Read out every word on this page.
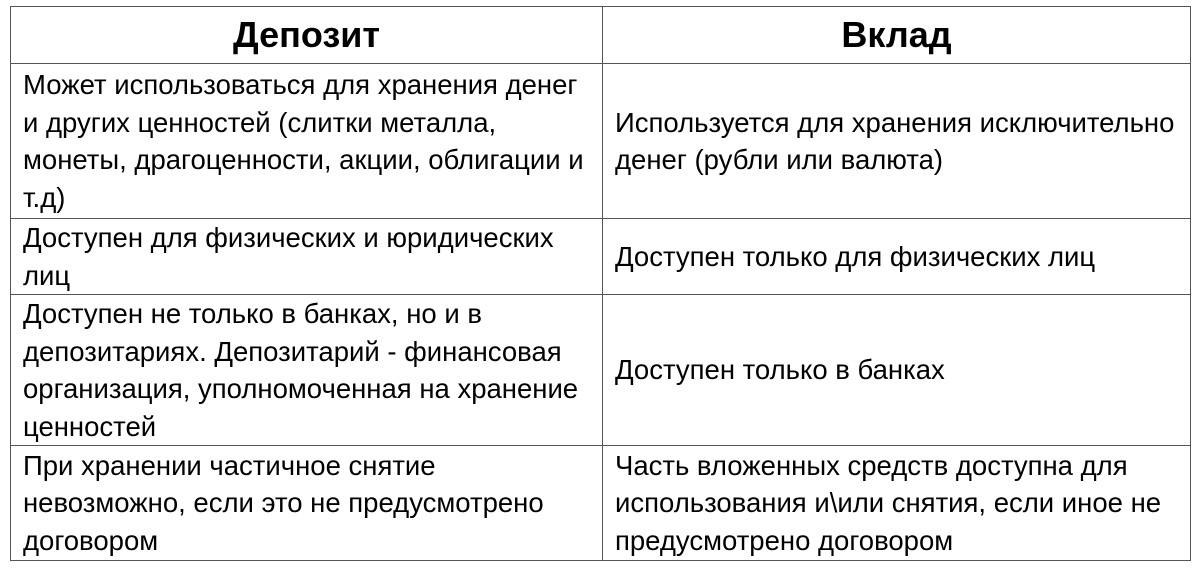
Депозит	Вклад

Может использоваться для хранения денег и других ценностей (слитки металла, монеты, драгоценности, акции, облигации и т.д)	Используется для хранения исключительно денег (рубли или валюта)

Доступен для физических и юридических лиц	Доступен только для физических лиц

Доступен не только в банках, но и в депозитариях. Депозитарий - финансовая организация, уполномоченная на хранение ценностей	Доступен только в банках

При хранении частичное снятие невозможно, если это не предусмотрено договором	Часть вложенных средств доступна для использования и\или снятия, если иное не предусмотрено договором
